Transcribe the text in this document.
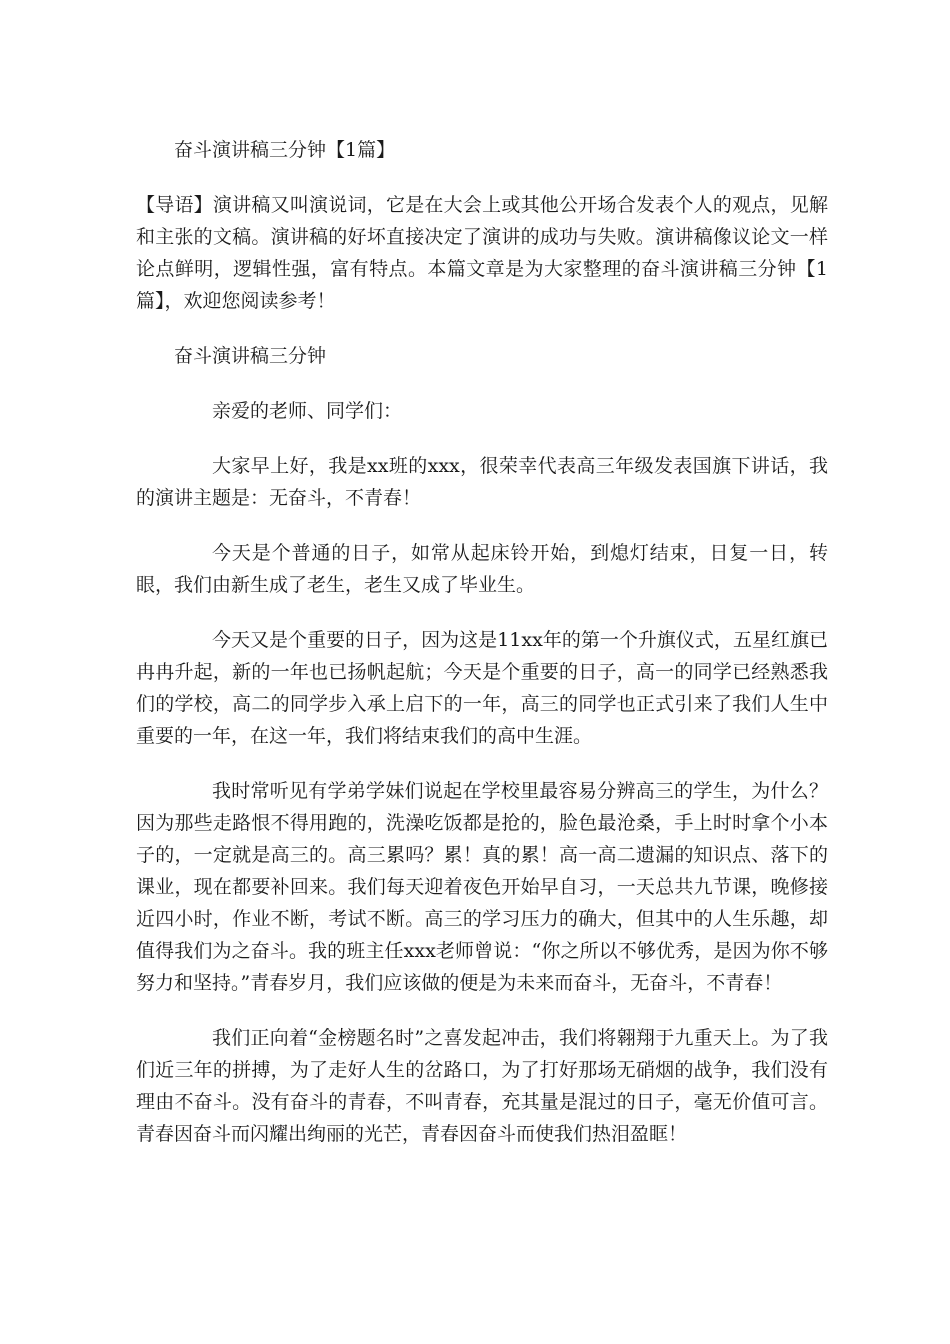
奋斗演讲稿三分钟【1篇】

【导语】演讲稿又叫演说词，它是在大会上或其他公开场合发表个人的观点，见解和主张的文稿。演讲稿的好坏直接决定了演讲的成功与失败。演讲稿像议论文一样论点鲜明，逻辑性强，富有特点。本篇文章是为大家整理的奋斗演讲稿三分钟【1篇】，欢迎您阅读参考！

奋斗演讲稿三分钟

亲爱的老师、同学们：

大家早上好，我是xx班的xxx，很荣幸代表高三年级发表国旗下讲话，我的演讲主题是：无奋斗，不青春！

今天是个普通的日子，如常从起床铃开始，到熄灯结束，日复一日，转眼，我们由新生成了老生，老生又成了毕业生。

今天又是个重要的日子，因为这是11xx年的第一个升旗仪式，五星红旗已冉冉升起，新的一年也已扬帆起航；今天是个重要的日子，高一的同学已经熟悉我们的学校，高二的同学步入承上启下的一年，高三的同学也正式引来了我们人生中重要的一年，在这一年，我们将结束我们的高中生涯。

我时常听见有学弟学妹们说起在学校里最容易分辨高三的学生，为什么？因为那些走路恨不得用跑的，洗澡吃饭都是抢的，脸色最沧桑，手上时时拿个小本子的，一定就是高三的。高三累吗？累！真的累！高一高二遗漏的知识点、落下的课业，现在都要补回来。我们每天迎着夜色开始早自习，一天总共九节课，晚修接近四小时，作业不断，考试不断。高三的学习压力的确大，但其中的人生乐趣，却值得我们为之奋斗。我的班主任xxx老师曾说：“你之所以不够优秀，是因为你不够努力和坚持。”青春岁月，我们应该做的便是为未来而奋斗，无奋斗，不青春！

我们正向着“金榜题名时”之喜发起冲击，我们将翱翔于九重天上。为了我们近三年的拼搏，为了走好人生的岔路口，为了打好那场无硝烟的战争，我们没有理由不奋斗。没有奋斗的青春，不叫青春，充其量是混过的日子，毫无价值可言。青春因奋斗而闪耀出绚丽的光芒，青春因奋斗而使我们热泪盈眶！
